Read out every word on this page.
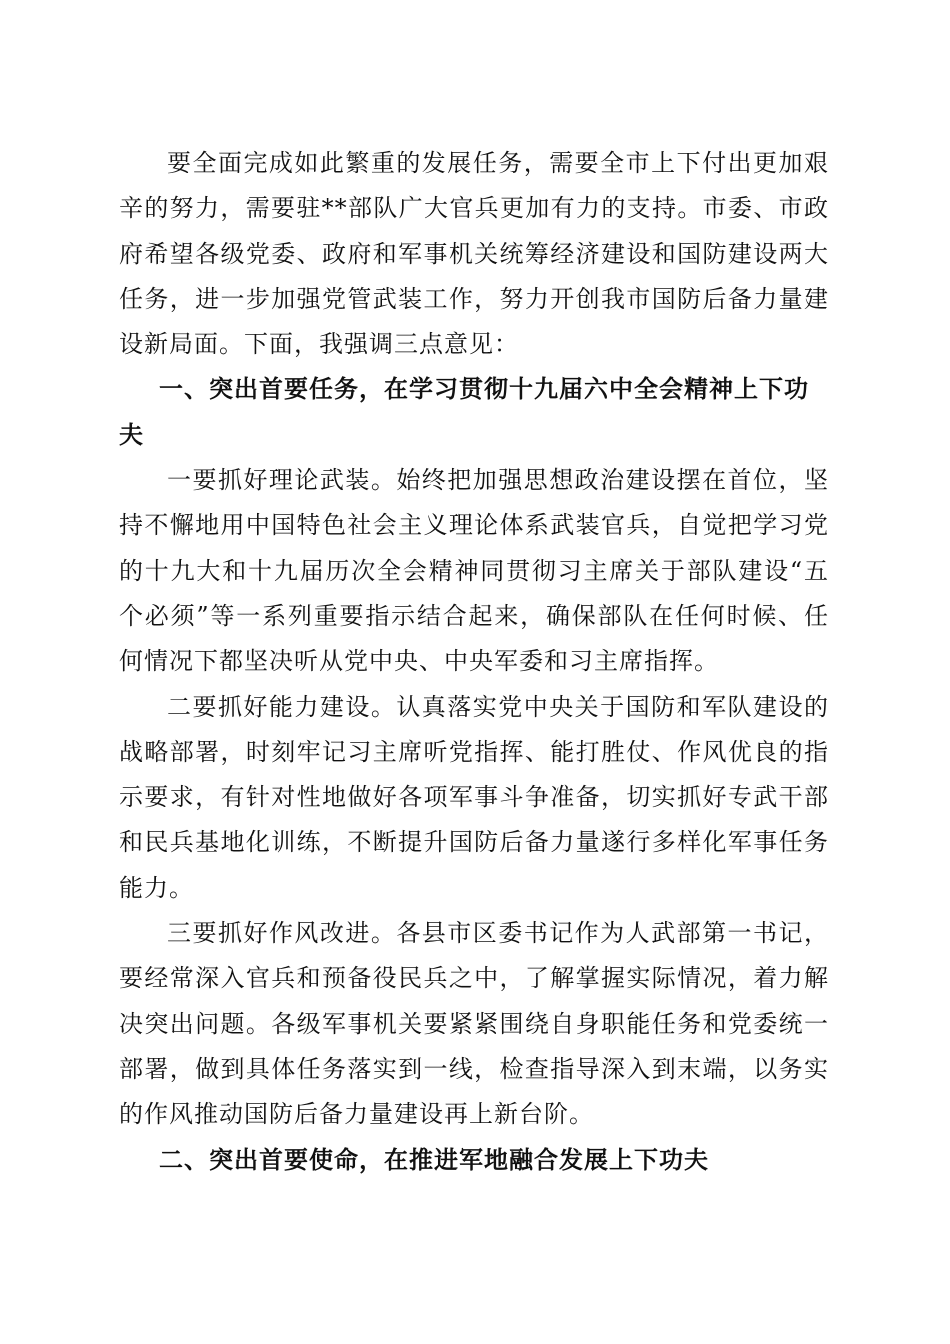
要全面完成如此繁重的发展任务，需要全市上下付出更加艰辛的努力，需要驻**部队广大官兵更加有力的支持。市委、市政府希望各级党委、政府和军事机关统筹经济建设和国防建设两大任务，进一步加强党管武装工作，努力开创我市国防后备力量建设新局面。下面，我强调三点意见：

一、突出首要任务，在学习贯彻十九届六中全会精神上下功夫

一要抓好理论武装。始终把加强思想政治建设摆在首位，坚持不懈地用中国特色社会主义理论体系武装官兵，自觉把学习党的十九大和十九届历次全会精神同贯彻习主席关于部队建设“五个必须”等一系列重要指示结合起来，确保部队在任何时候、任何情况下都坚决听从党中央、中央军委和习主席指挥。

二要抓好能力建设。认真落实党中央关于国防和军队建设的战略部署，时刻牢记习主席听党指挥、能打胜仗、作风优良的指示要求，有针对性地做好各项军事斗争准备，切实抓好专武干部和民兵基地化训练，不断提升国防后备力量遂行多样化军事任务能力。

三要抓好作风改进。各县市区委书记作为人武部第一书记，要经常深入官兵和预备役民兵之中，了解掌握实际情况，着力解决突出问题。各级军事机关要紧紧围绕自身职能任务和党委统一部署，做到具体任务落实到一线，检查指导深入到末端，以务实的作风推动国防后备力量建设再上新台阶。

二、突出首要使命，在推进军地融合发展上下功夫
